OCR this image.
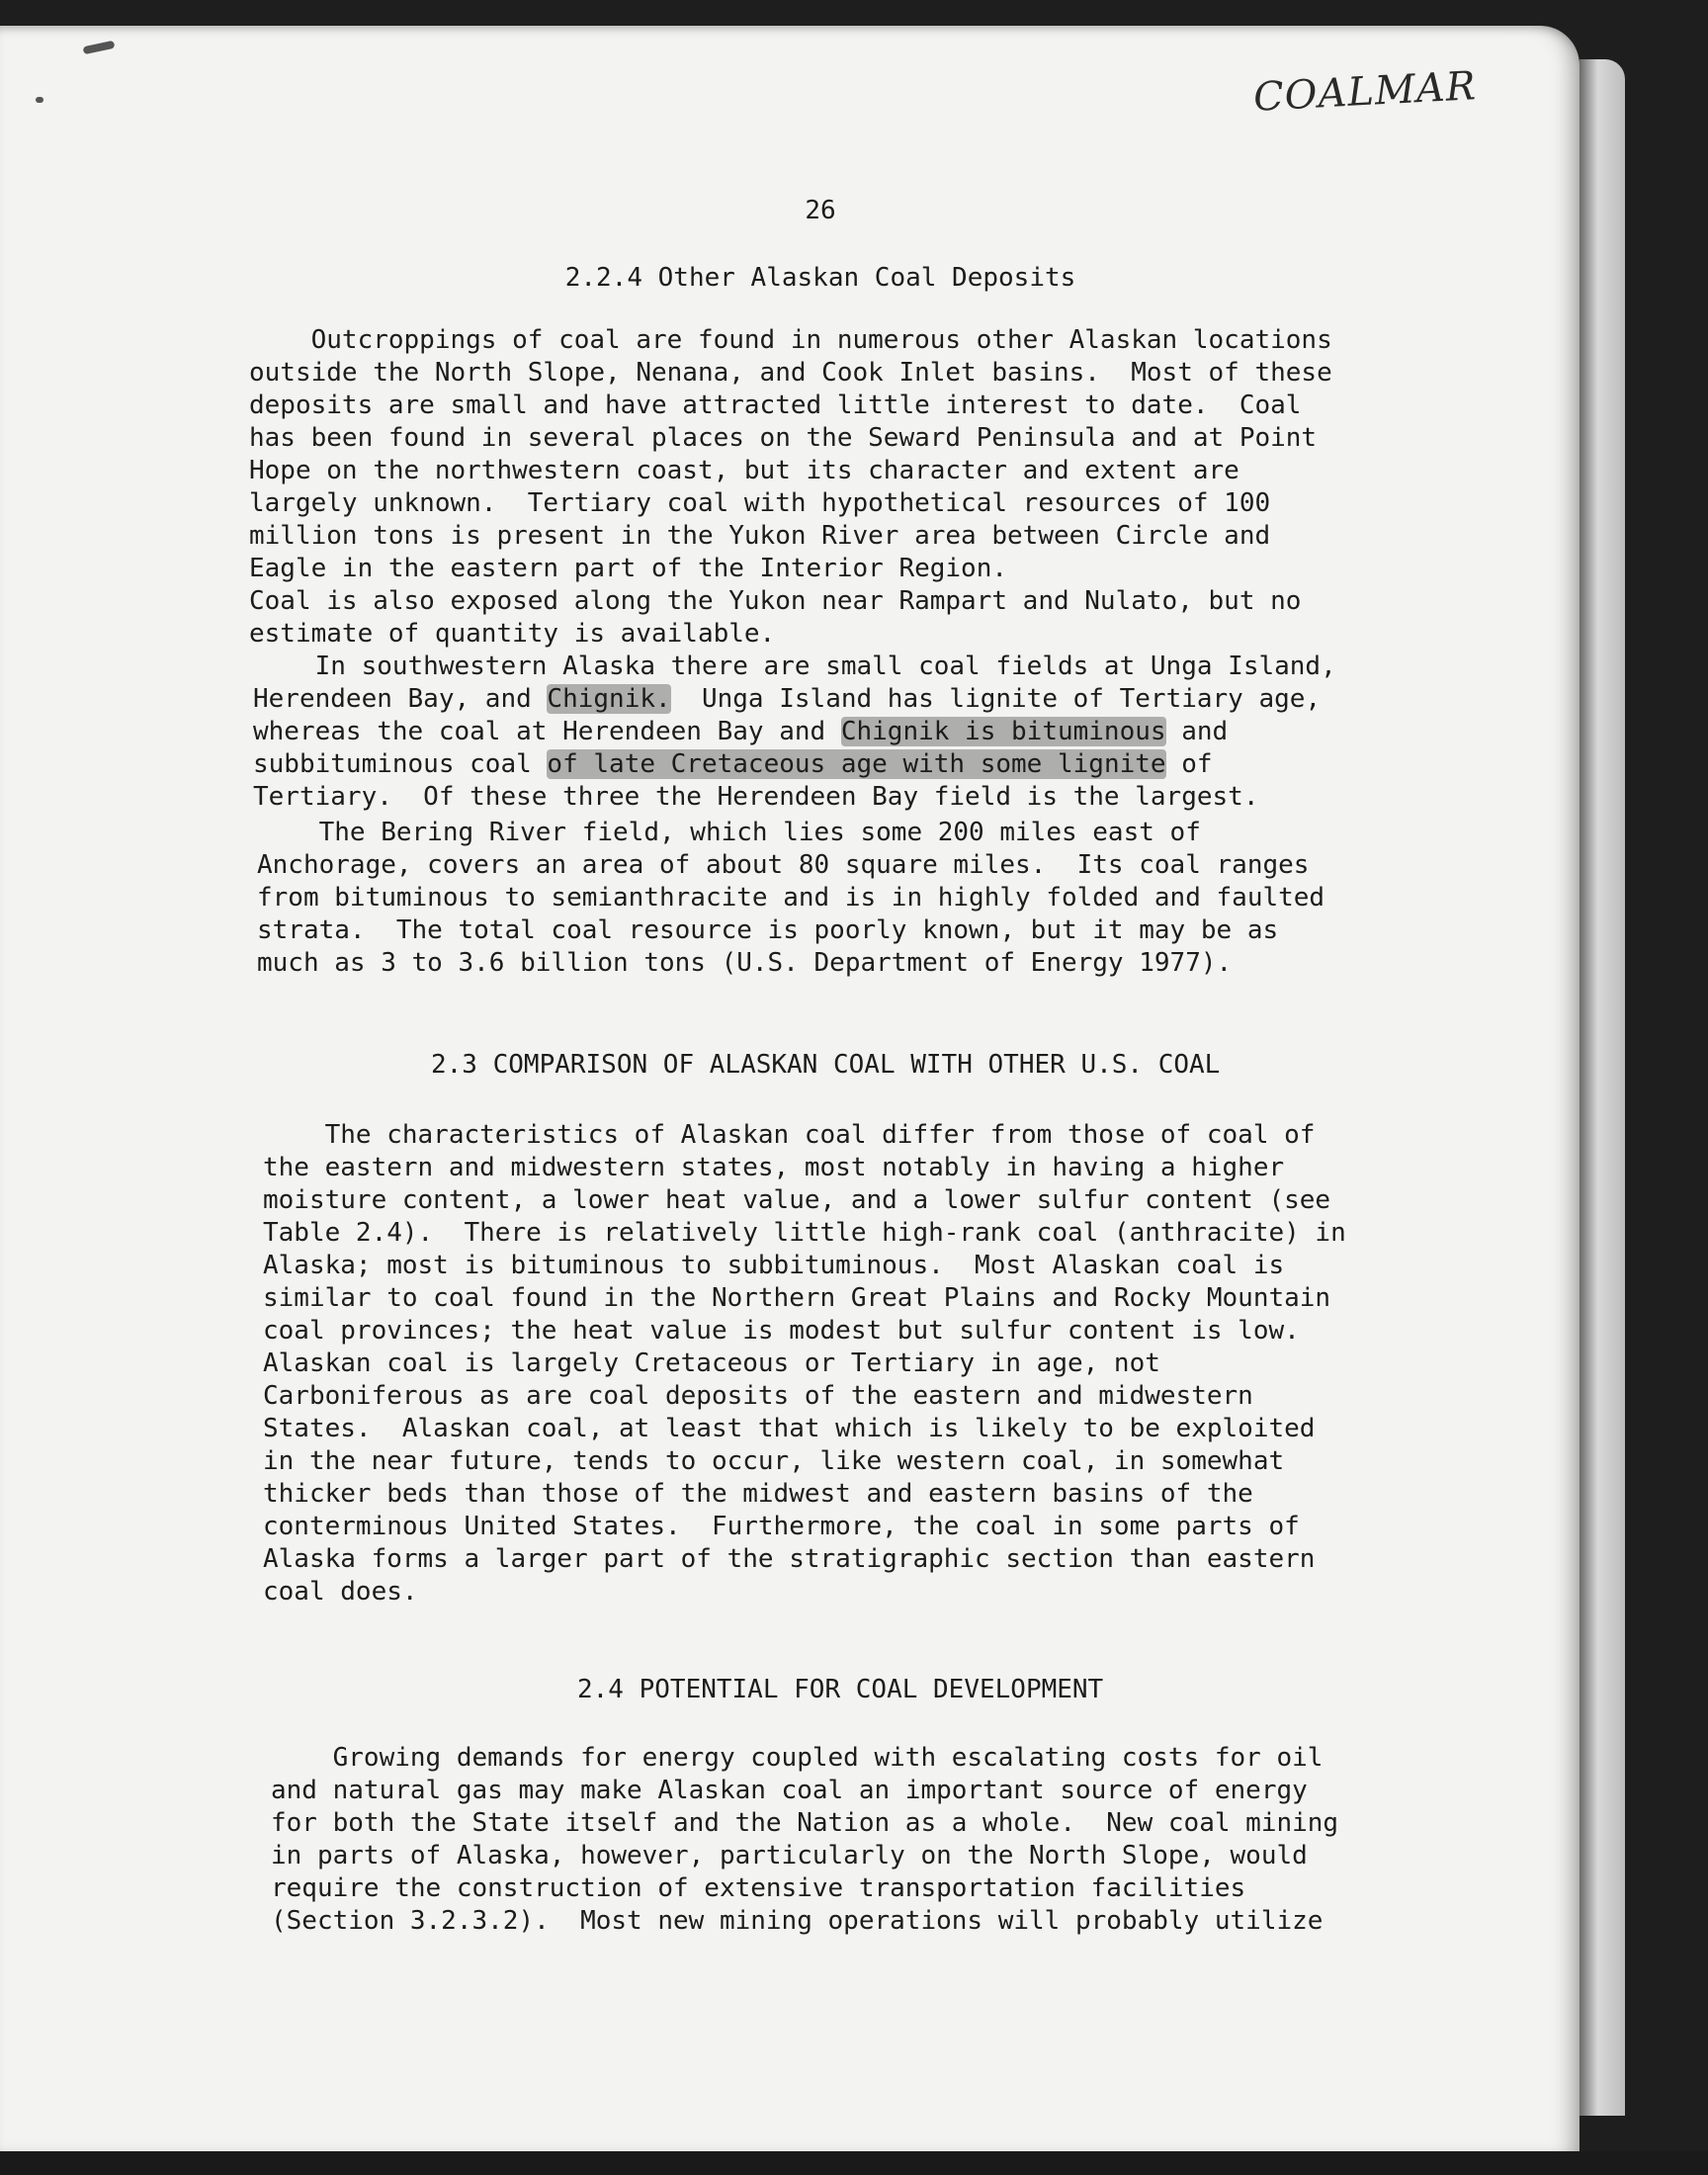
COALMAR
26
2.2.4 Other Alaskan Coal Deposits
Outcroppings of coal are found in numerous other Alaskan locations
outside the North Slope, Nenana, and Cook Inlet basins.  Most of these
deposits are small and have attracted little interest to date.  Coal
has been found in several places on the Seward Peninsula and at Point
Hope on the northwestern coast, but its character and extent are
largely unknown.  Tertiary coal with hypothetical resources of 100
million tons is present in the Yukon River area between Circle and
Eagle in the eastern part of the Interior Region.
Coal is also exposed along the Yukon near Rampart and Nulato, but no
estimate of quantity is available.
In southwestern Alaska there are small coal fields at Unga Island,
Herendeen Bay, and Chignik.  Unga Island has lignite of Tertiary age,
whereas the coal at Herendeen Bay and Chignik is bituminous and
subbituminous coal of late Cretaceous age with some lignite of
Tertiary.  Of these three the Herendeen Bay field is the largest.
The Bering River field, which lies some 200 miles east of
Anchorage, covers an area of about 80 square miles.  Its coal ranges
from bituminous to semianthracite and is in highly folded and faulted
strata.  The total coal resource is poorly known, but it may be as
much as 3 to 3.6 billion tons (U.S. Department of Energy 1977).
2.3 COMPARISON OF ALASKAN COAL WITH OTHER U.S. COAL
The characteristics of Alaskan coal differ from those of coal of
the eastern and midwestern states, most notably in having a higher
moisture content, a lower heat value, and a lower sulfur content (see
Table 2.4).  There is relatively little high-rank coal (anthracite) in
Alaska; most is bituminous to subbituminous.  Most Alaskan coal is
similar to coal found in the Northern Great Plains and Rocky Mountain
coal provinces; the heat value is modest but sulfur content is low.
Alaskan coal is largely Cretaceous or Tertiary in age, not
Carboniferous as are coal deposits of the eastern and midwestern
States.  Alaskan coal, at least that which is likely to be exploited
in the near future, tends to occur, like western coal, in somewhat
thicker beds than those of the midwest and eastern basins of the
conterminous United States.  Furthermore, the coal in some parts of
Alaska forms a larger part of the stratigraphic section than eastern
coal does.
2.4 POTENTIAL FOR COAL DEVELOPMENT
Growing demands for energy coupled with escalating costs for oil
and natural gas may make Alaskan coal an important source of energy
for both the State itself and the Nation as a whole.  New coal mining
in parts of Alaska, however, particularly on the North Slope, would
require the construction of extensive transportation facilities
(Section 3.2.3.2).  Most new mining operations will probably utilize
